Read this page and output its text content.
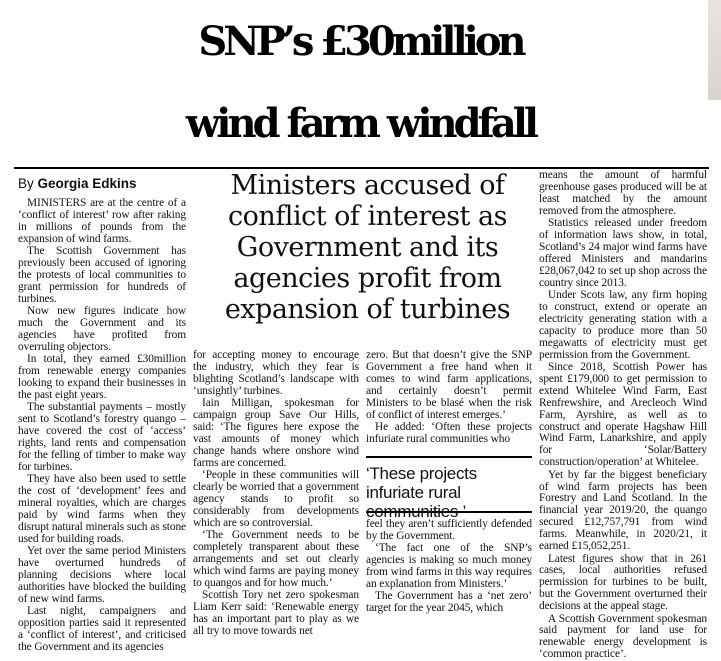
SNP’s £30million
wind farm windfall
By Georgia Edkins	Ministers accused of conflict of interest as Government and its agencies profit from expansion of turbines

MINISTERS are at the centre of a ‘conflict of interest’ row after raking in millions of pounds from the expansion of wind farms.

The Scottish Government has previously been accused of ignoring the protests of local communities to grant permission for hundreds of turbines.

Now new figures indicate how much the Government and its agencies have profited from overruling objectors.

In total, they earned £30million from renewable energy companies looking to expand their businesses in the past eight years.

The substantial payments – mostly sent to Scotland’s forestry quango – have covered the cost of ‘access’ rights, land rents and compensation for the felling of timber to make way for turbines.

They have also been used to settle the cost of ‘development’ fees and mineral royalties, which are charges paid by wind farms when they disrupt natural minerals such as stone used for building roads.

Yet over the same period Ministers have overturned hundreds of planning decisions where local authorities have blocked the building of new wind farms.

Last night, campaigners and opposition parties said it represented a ‘conflict of interest’, and criticised the Government and its agencies

for accepting money to encourage the industry, which they fear is blighting Scotland’s landscape with ‘unsightly’ turbines.

Iain Milligan, spokesman for campaign group Save Our Hills, said: ‘The figures here expose the vast amounts of money which change hands where onshore wind farms are concerned.

‘People in these communities will clearly be worried that a government agency stands to profit so considerably from developments which are so controversial.

‘The Government needs to be completely transparent about these arrangements and set out clearly which wind farms are paying money to quangos and for how much.’

Scottish Tory net zero spokesman Liam Kerr said: ‘Renewable energy has an important part to play as we all try to move towards net

zero. But that doesn’t give the SNP Government a free hand when it comes to wind farm applications, and certainly doesn’t permit Ministers to be blasé when the risk of conflict of interest emerges.’

He added: ‘Often these projects infuriate rural communities who

‘These projects infuriate rural communities ’

feel they aren’t sufficiently defended by the Government.

‘The fact one of the SNP’s agencies is making so much money from wind farms in this way requires an explanation from Ministers.’

The Government has a ‘net zero’ target for the year 2045, which

means the amount of harmful greenhouse gases produced will be at least matched by the amount removed from the atmosphere.

Statistics released under freedom of information laws show, in total, Scotland’s 24 major wind farms have offered Ministers and mandarins £28,067,042 to set up shop across the country since 2013.

Under Scots law, any firm hoping to construct, extend or operate an electricity generating station with a capacity to produce more than 50 megawatts of electricity must get permission from the Government.

Since 2018, Scottish Power has spent £179,000 to get permission to extend Whitelee Wind Farm, East Renfrewshire, and Arecleoch Wind Farm, Ayrshire, as well as to construct and operate Hagshaw Hill Wind Farm, Lanarkshire, and apply for ‘Solar/Battery construction/operation’ at Whitelee.

Yet by far the biggest beneficiary of wind farm projects has been Forestry and Land Scotland. In the financial year 2019/20, the quango secured £12,757,791 from wind farms. Meanwhile, in 2020/21, it earned £15,052,251.

Latest figures show that in 261 cases, local authorities refused permission for turbines to be built, but the Government overturned their decisions at the appeal stage.

A Scottish Government spokesman said payment for land use for renewable energy development is ‘common practice’.
